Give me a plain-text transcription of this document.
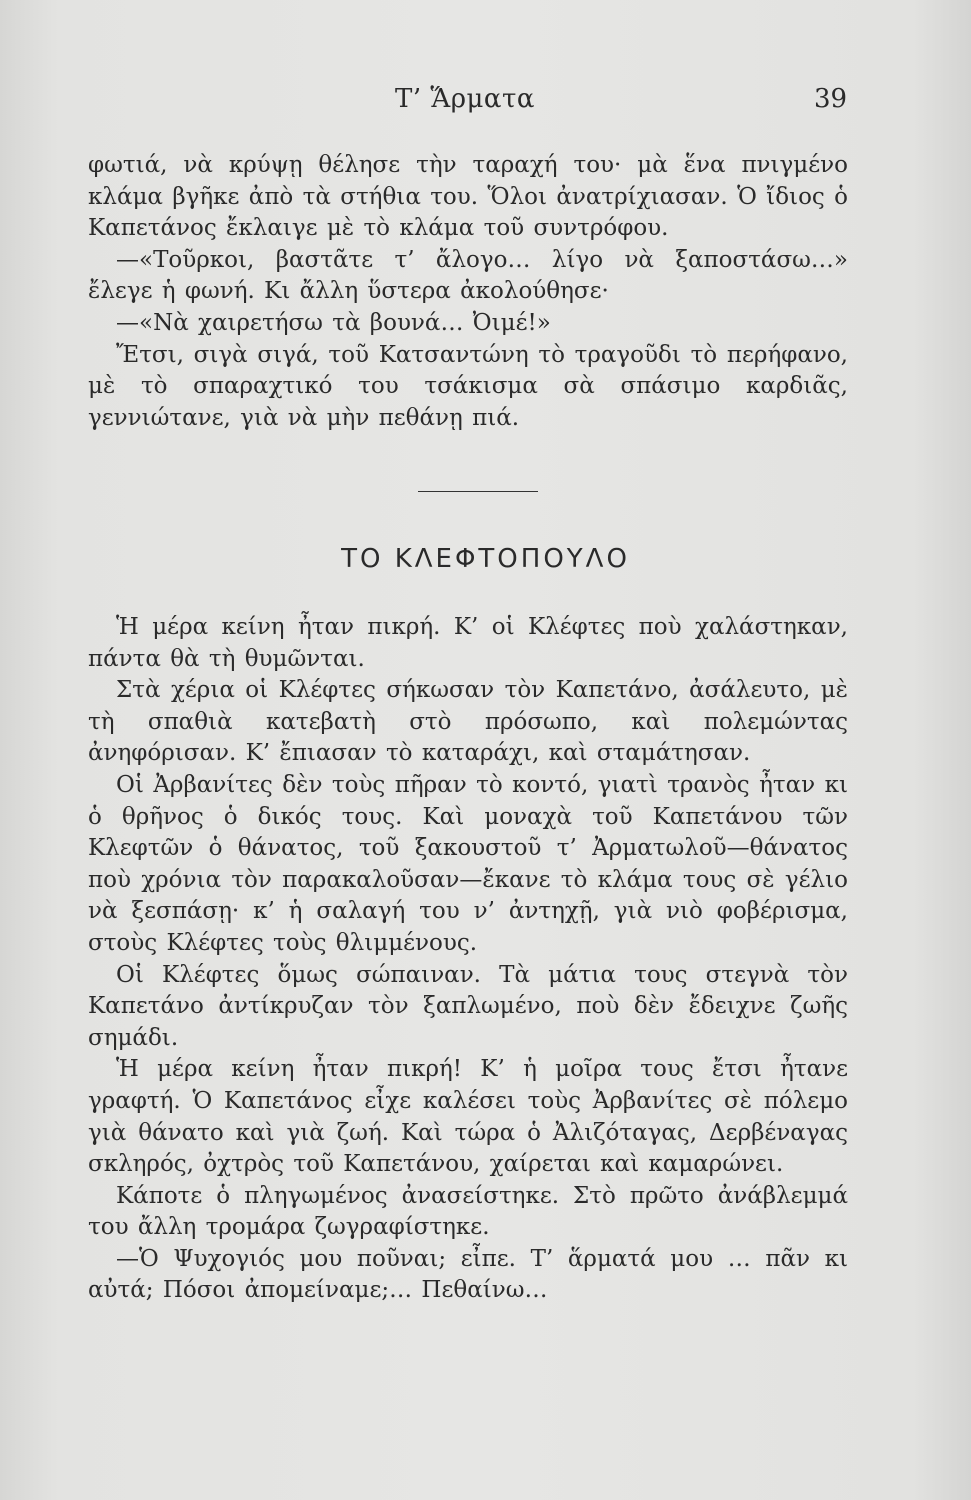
Τ’ Ἅρματα	39

φωτιά, νὰ κρύψῃ θέλησε τὴν ταραχή του· μὰ ἕνα πνιγμένο κλάμα βγῆκε ἀπὸ τὰ στήθια του. Ὅλοι ἀνατρίχιασαν. Ὁ ἴδιος ὁ Καπετάνος ἔκλαιγε μὲ τὸ κλάμα τοῦ συντρόφου.

—«Τοῦρκοι, βαστᾶτε τ’ ἄλογο… λίγο νὰ ξαποστάσω…» ἔλεγε ἡ φωνή. Κι ἄλλη ὕστερα ἀκολούθησε·

—«Νὰ χαιρετήσω τὰ βουνά… Ὀιμέ!»

Ἔτσι, σιγὰ σιγά, τοῦ Κατσαντώνη τὸ τραγοῦδι τὸ περήφανο, μὲ τὸ σπαραχτικό του τσάκισμα σὰ σπάσιμο καρδιᾶς, γεννιώτανε, γιὰ νὰ μὴν πεθάνῃ πιά.

ΤΟ ΚΛΕΦΤΟΠΟΥΛΟ

Ἡ μέρα κείνη ἦταν πικρή. Κ’ οἱ Κλέφτες ποὺ χαλάστηκαν, πάντα θὰ τὴ θυμῶνται.

Στὰ χέρια οἱ Κλέφτες σήκωσαν τὸν Καπετάνο, ἀσάλευτο, μὲ τὴ σπαθιὰ κατεβατὴ στὸ πρόσωπο, καὶ πολεμώντας ἀνηφόρισαν. Κ’ ἔπιασαν τὸ καταράχι, καὶ σταμάτησαν.

Οἱ Ἀρβανίτες δὲν τοὺς πῆραν τὸ κοντό, γιατὶ τρανὸς ἦταν κι ὁ θρῆνος ὁ δικός τους. Καὶ μοναχὰ τοῦ Καπετάνου τῶν Κλεφτῶν ὁ θάνατος, τοῦ ξακουστοῦ τ’ Ἀρματωλοῦ—θάνατος ποὺ χρόνια τὸν παρακαλοῦσαν—ἔκανε τὸ κλάμα τους σὲ γέλιο νὰ ξεσπάσῃ· κ’ ἡ σαλαγή του ν’ ἀντηχῇ, γιὰ νιὸ φοβέρισμα, στοὺς Κλέφτες τοὺς θλιμμένους.

Οἱ Κλέφτες ὅμως σώπαιναν. Τὰ μάτια τους στεγνὰ τὸν Καπετάνο ἀντίκρυζαν τὸν ξαπλωμένο, ποὺ δὲν ἔδειχνε ζωῆς σημάδι.

Ἡ μέρα κείνη ἦταν πικρή! Κ’ ἡ μοῖρα τους ἔτσι ἦτανε γραφτή. Ὁ Καπετάνος εἶχε καλέσει τοὺς Ἀρβανίτες σὲ πόλεμο γιὰ θάνατο καὶ γιὰ ζωή. Καὶ τώρα ὁ Ἀλιζόταγας, Δερβέναγας σκληρός, ὀχτρὸς τοῦ Καπετάνου, χαίρεται καὶ καμαρώνει.

Κάποτε ὁ πληγωμένος ἀνασείστηκε. Στὸ πρῶτο ἀνάβλεμμά του ἄλλη τρομάρα ζωγραφίστηκε.

—Ὁ Ψυχογιός μου ποῦναι; εἶπε. Τ’ ἅρματά μου … πᾶν κι αὐτά; Πόσοι ἀπομείναμε;… Πεθαίνω…
